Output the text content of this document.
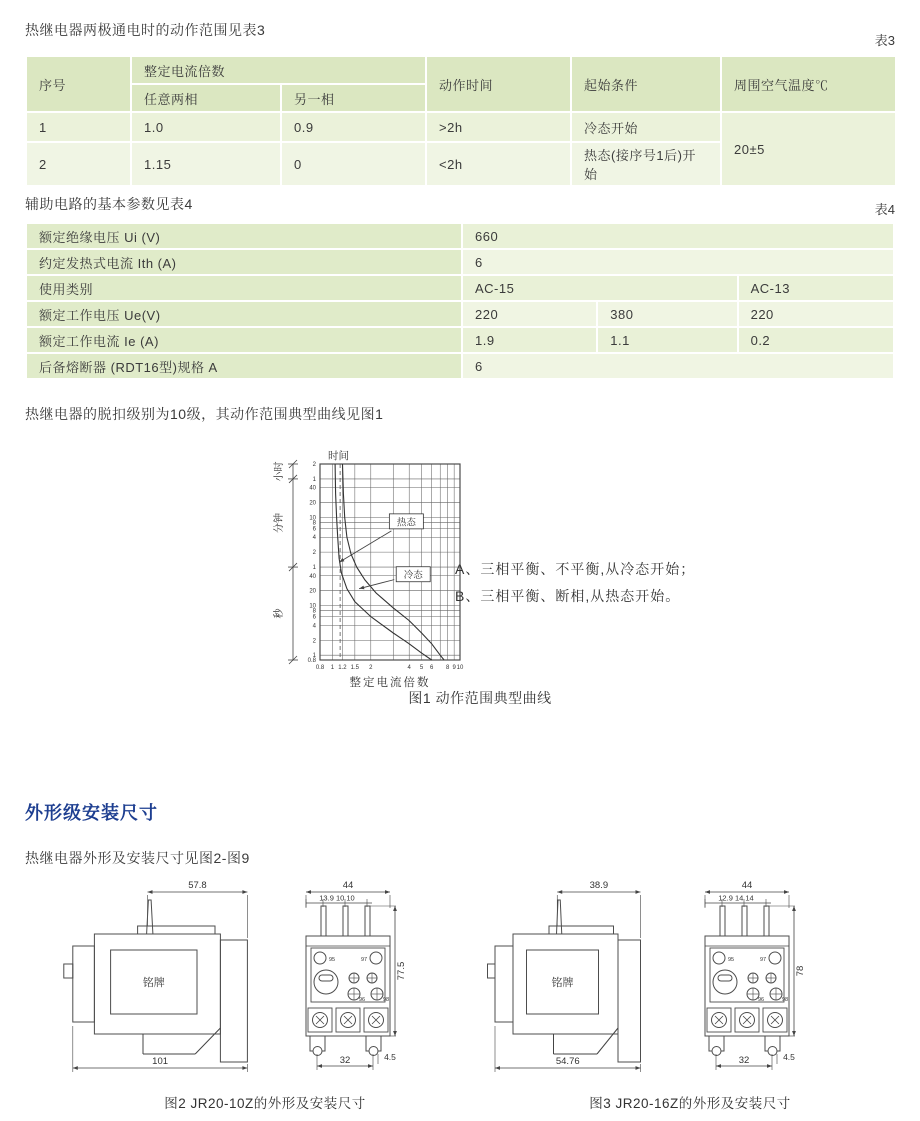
热继电器两极通电时的动作范围见表3

表3
序号	整定电流倍数		动作时间	起始条件	周围空气温度℃
	任意两相	另一相			
1	1.0	0.9	>2h	冷态开始	20±5
2	1.15	0	<2h	热态(接序号1后)开始	

辅助电路的基本参数见表4	表4
额定绝缘电压 Ui (V)	660		
约定发热式电流 Ith (A)	6		
使用类别	AC-15		AC-13
额定工作电压 Ue(V)	220	380	220
额定工作电流 Ie (A)	1.9	1.1	0.2
后备熔断器 (RDT16型)规格 A	6		

热继电器的脱扣级别为10级，其动作范围典型曲线见图1

0.8 1 1.2 1.5 2	4 5 6 8 9 10
2
1
40
20
10
8
6
4
2
1
40
20
10
8
6
4
2
1
0.8
小时
分钟
秒
时间
整定电流倍数
热态
冷态 A、三相平衡、不平衡,从冷态开始；
B、三相平衡、断相,从热态开始。
图1 动作范围典型曲线
外形级安装尺寸

热继电器外形及安装尺寸见图2-图9

57.8
铭牌
101
44
13.9 10 10
95	97
96	98
32	4.5
77.5
38.9
铭牌
54.76
44
12.9 14 14
95	97
96	98
32	4.5
78
图2 JR20-10Z的外形及安装尺寸	图3 JR20-16Z的外形及安装尺寸
